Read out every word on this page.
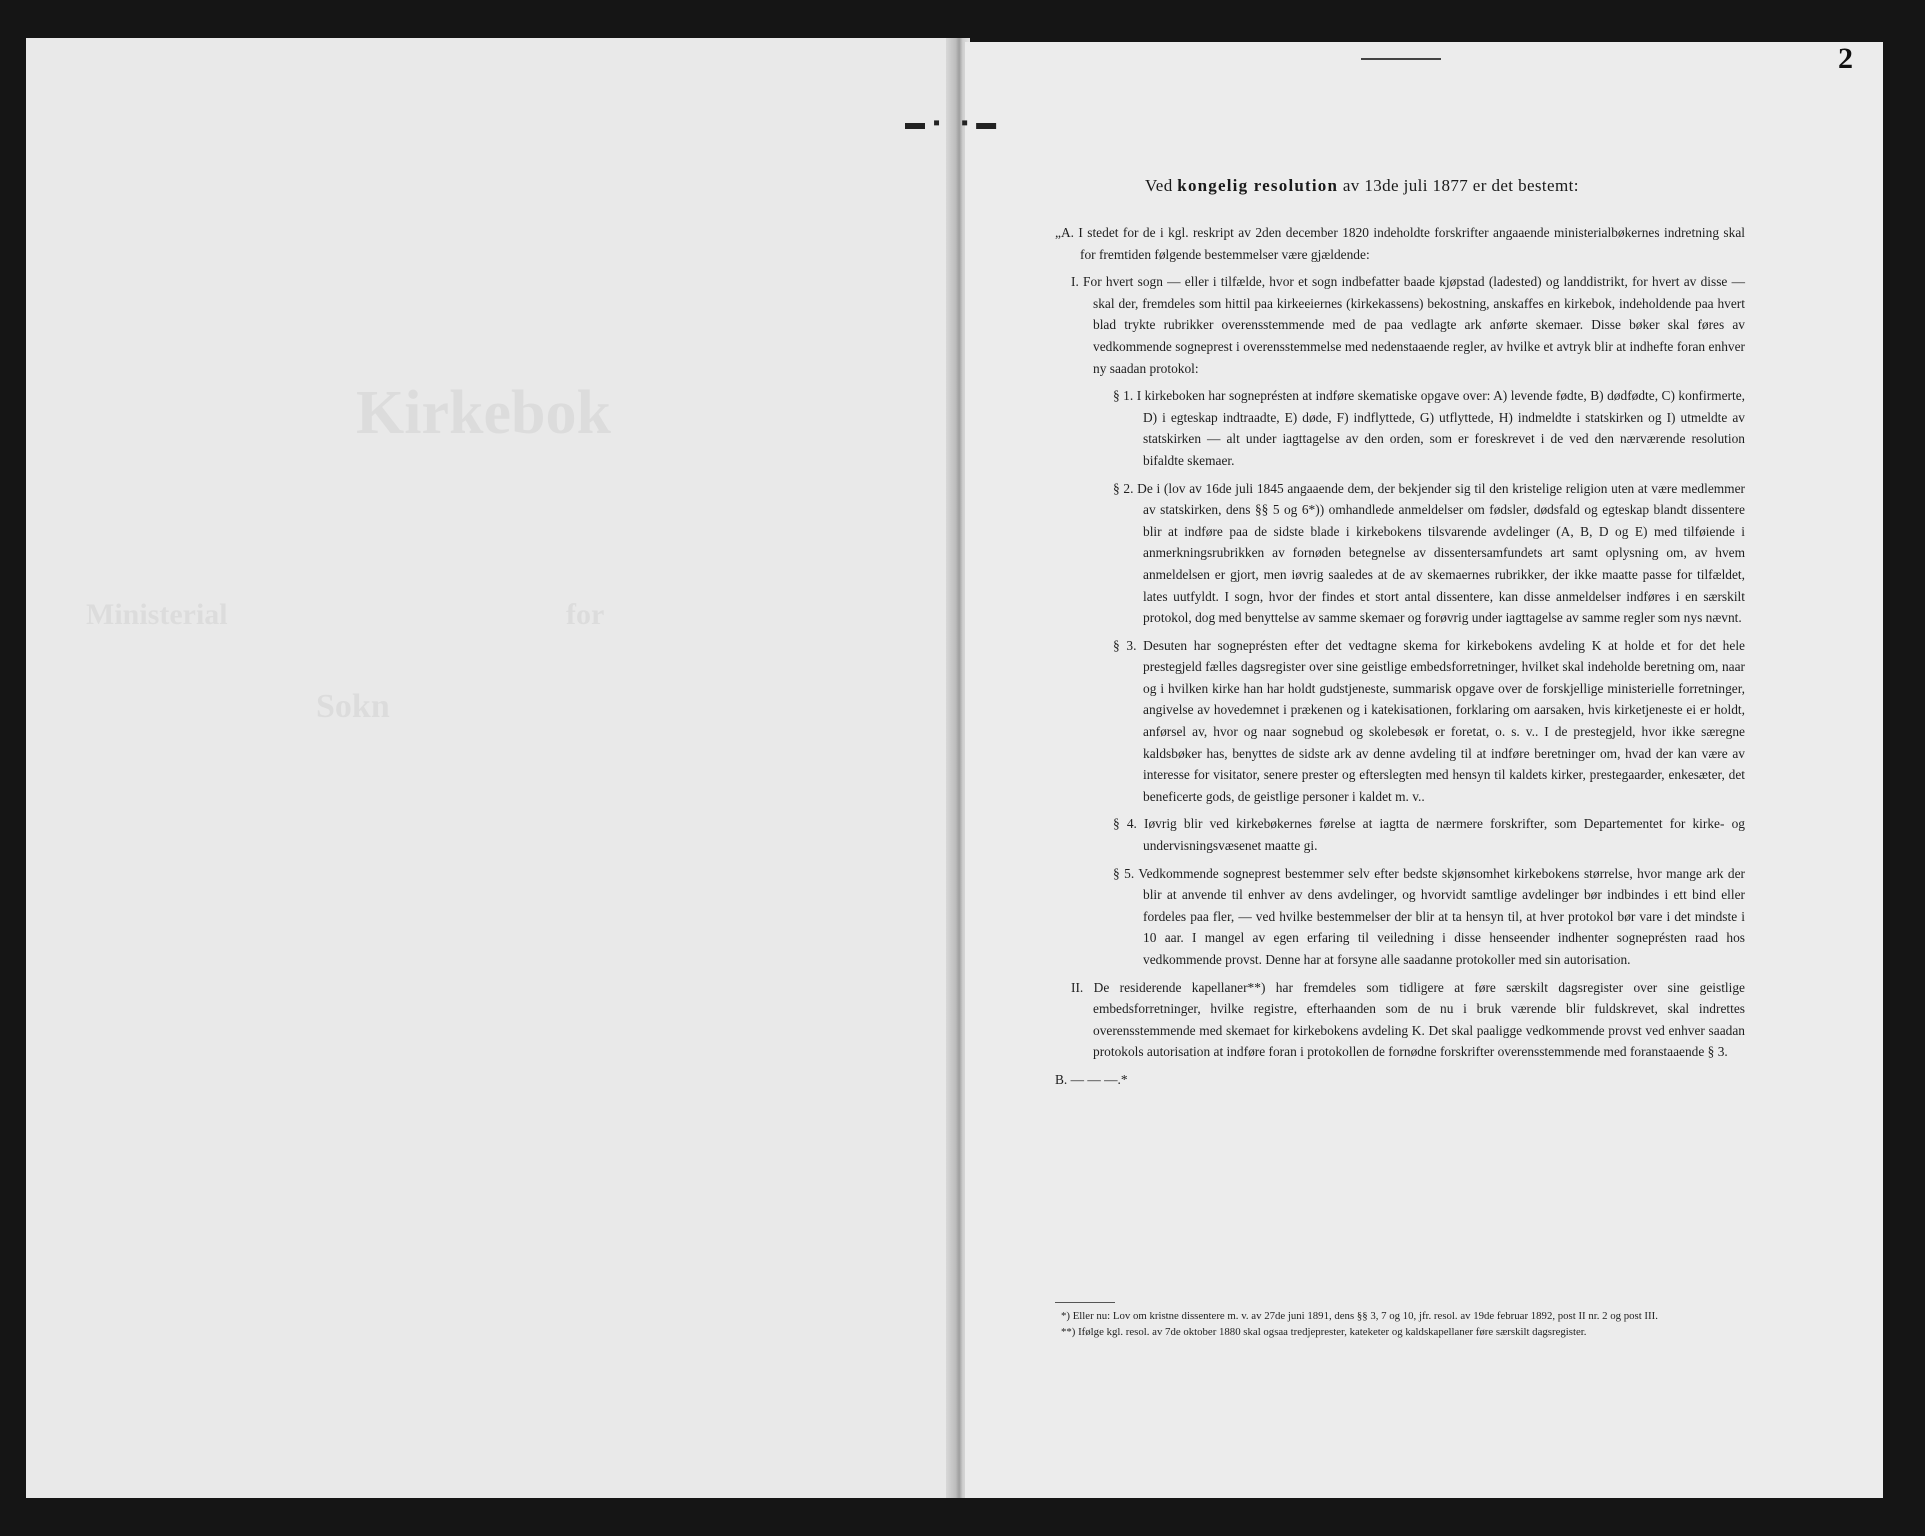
Kirkebok
Ministerial	for
Sokn
2
▬▪ ▪▬
Ved kongelig resolution av 13de juli 1877 er det bestemt:

„A. I stedet for de i kgl. reskript av 2den december 1820 indeholdte forskrifter angaaende ministerialbøkernes indretning skal for fremtiden følgende bestemmelser være gjældende:

I. For hvert sogn — eller i tilfælde, hvor et sogn indbefatter baade kjøpstad (ladested) og landdistrikt, for hvert av disse — skal der, fremdeles som hittil paa kirkeeiernes (kirkekassens) bekostning, anskaffes en kirkebok, indeholdende paa hvert blad trykte rubrikker overensstemmende med de paa vedlagte ark anførte skemaer. Disse bøker skal føres av vedkommende sogneprest i overensstemmelse med nedenstaaende regler, av hvilke et avtryk blir at indhefte foran enhver ny saadan protokol:

§ 1. I kirkeboken har sogneprésten at indføre skematiske opgave over: A) levende fødte, B) dødfødte, C) konfirmerte, D) i egteskap indtraadte, E) døde, F) indflyttede, G) utflyttede, H) indmeldte i statskirken og I) utmeldte av statskirken — alt under iagttagelse av den orden, som er foreskrevet i de ved den nærværende resolution bifaldte skemaer.

§ 2. De i (lov av 16de juli 1845 angaaende dem, der bekjender sig til den kristelige religion uten at være medlemmer av statskirken, dens §§ 5 og 6*)) omhandlede anmeldelser om fødsler, dødsfald og egteskap blandt dissentere blir at indføre paa de sidste blade i kirkebokens tilsvarende avdelinger (A, B, D og E) med tilføiende i anmerkningsrubrikken av fornøden betegnelse av dissentersamfundets art samt oplysning om, av hvem anmeldelsen er gjort, men iøvrig saaledes at de av skemaernes rubrikker, der ikke maatte passe for tilfældet, lates uutfyldt. I sogn, hvor der findes et stort antal dissentere, kan disse anmeldelser indføres i en særskilt protokol, dog med benyttelse av samme skemaer og forøvrig under iagttagelse av samme regler som nys nævnt.

§ 3. Desuten har sogneprésten efter det vedtagne skema for kirkebokens avdeling K at holde et for det hele prestegjeld fælles dagsregister over sine geistlige embedsforretninger, hvilket skal indeholde beretning om, naar og i hvilken kirke han har holdt gudstjeneste, summarisk opgave over de forskjellige ministerielle forretninger, angivelse av hovedemnet i prækenen og i katekisationen, forklaring om aarsaken, hvis kirketjeneste ei er holdt, anførsel av, hvor og naar sognebud og skolebesøk er foretat, o. s. v.. I de prestegjeld, hvor ikke særegne kaldsbøker has, benyttes de sidste ark av denne avdeling til at indføre beretninger om, hvad der kan være av interesse for visitator, senere prester og efterslegten med hensyn til kaldets kirker, prestegaarder, enkesæter, det beneficerte gods, de geistlige personer i kaldet m. v..

§ 4. Iøvrig blir ved kirkebøkernes førelse at iagtta de nærmere forskrifter, som Departementet for kirke- og undervisningsvæsenet maatte gi.

§ 5. Vedkommende sogneprest bestemmer selv efter bedste skjønsomhet kirkebokens størrelse, hvor mange ark der blir at anvende til enhver av dens avdelinger, og hvorvidt samtlige avdelinger bør indbindes i ett bind eller fordeles paa fler, — ved hvilke bestemmelser der blir at ta hensyn til, at hver protokol bør vare i det mindste i 10 aar. I mangel av egen erfaring til veiledning i disse henseender indhenter sogneprésten raad hos vedkommende provst. Denne har at forsyne alle saadanne protokoller med sin autorisation.

II. De residerende kapellaner**) har fremdeles som tidligere at føre særskilt dagsregister over sine geistlige embedsforretninger, hvilke registre, efterhaanden som de nu i bruk værende blir fuldskrevet, skal indrettes overensstemmende med skemaet for kirkebokens avdeling K. Det skal paaligge vedkommende provst ved enhver saadan protokols autorisation at indføre foran i protokollen de fornødne forskrifter overensstemmende med foranstaaende § 3.

B. — — —.*

*) Eller nu: Lov om kristne dissentere m. v. av 27de juni 1891, dens §§ 3, 7 og 10, jfr. resol. av 19de februar 1892, post II nr. 2 og post III.

**) Ifølge kgl. resol. av 7de oktober 1880 skal ogsaa tredjeprester, kateketer og kaldskapellaner føre særskilt dagsregister.
